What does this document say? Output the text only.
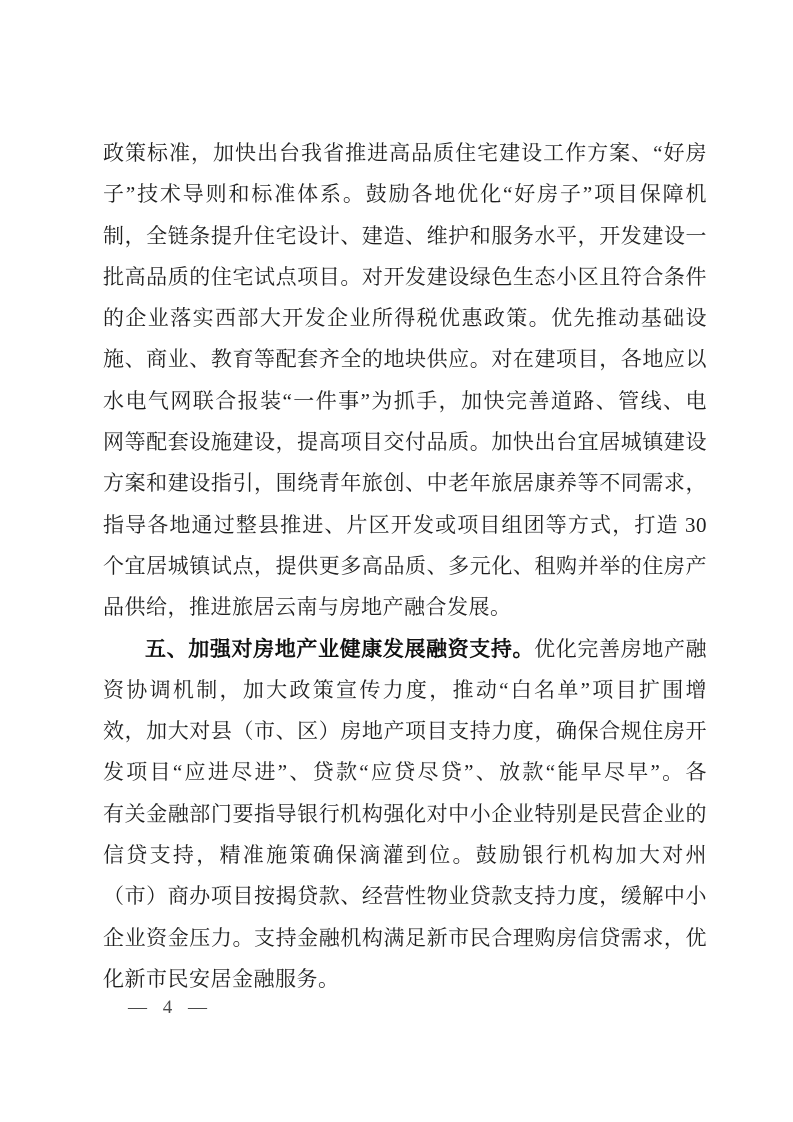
政策标准，加快出台我省推进高品质住宅建设工作方案、“好房
子”技术导则和标准体系。鼓励各地优化“好房子”项目保障机
制，全链条提升住宅设计、建造、维护和服务水平，开发建设一
批高品质的住宅试点项目。对开发建设绿色生态小区且符合条件
的企业落实西部大开发企业所得税优惠政策。优先推动基础设
施、商业、教育等配套齐全的地块供应。对在建项目，各地应以
水电气网联合报装“一件事”为抓手，加快完善道路、管线、电
网等配套设施建设，提高项目交付品质。加快出台宜居城镇建设
方案和建设指引，围绕青年旅创、中老年旅居康养等不同需求，
指导各地通过整县推进、片区开发或项目组团等方式，打造 30
个宜居城镇试点，提供更多高品质、多元化、租购并举的住房产
品供给，推进旅居云南与房地产融合发展。
五、加强对房地产业健康发展融资支持。优化完善房地产融
资协调机制，加大政策宣传力度，推动“白名单”项目扩围增
效，加大对县（市、区）房地产项目支持力度，确保合规住房开
发项目“应进尽进”、贷款“应贷尽贷”、放款“能早尽早”。各
有关金融部门要指导银行机构强化对中小企业特别是民营企业的
信贷支持，精准施策确保滴灌到位。鼓励银行机构加大对州
（市）商办项目按揭贷款、经营性物业贷款支持力度，缓解中小
企业资金压力。支持金融机构满足新市民合理购房信贷需求，优
化新市民安居金融服务。
— 4 —
